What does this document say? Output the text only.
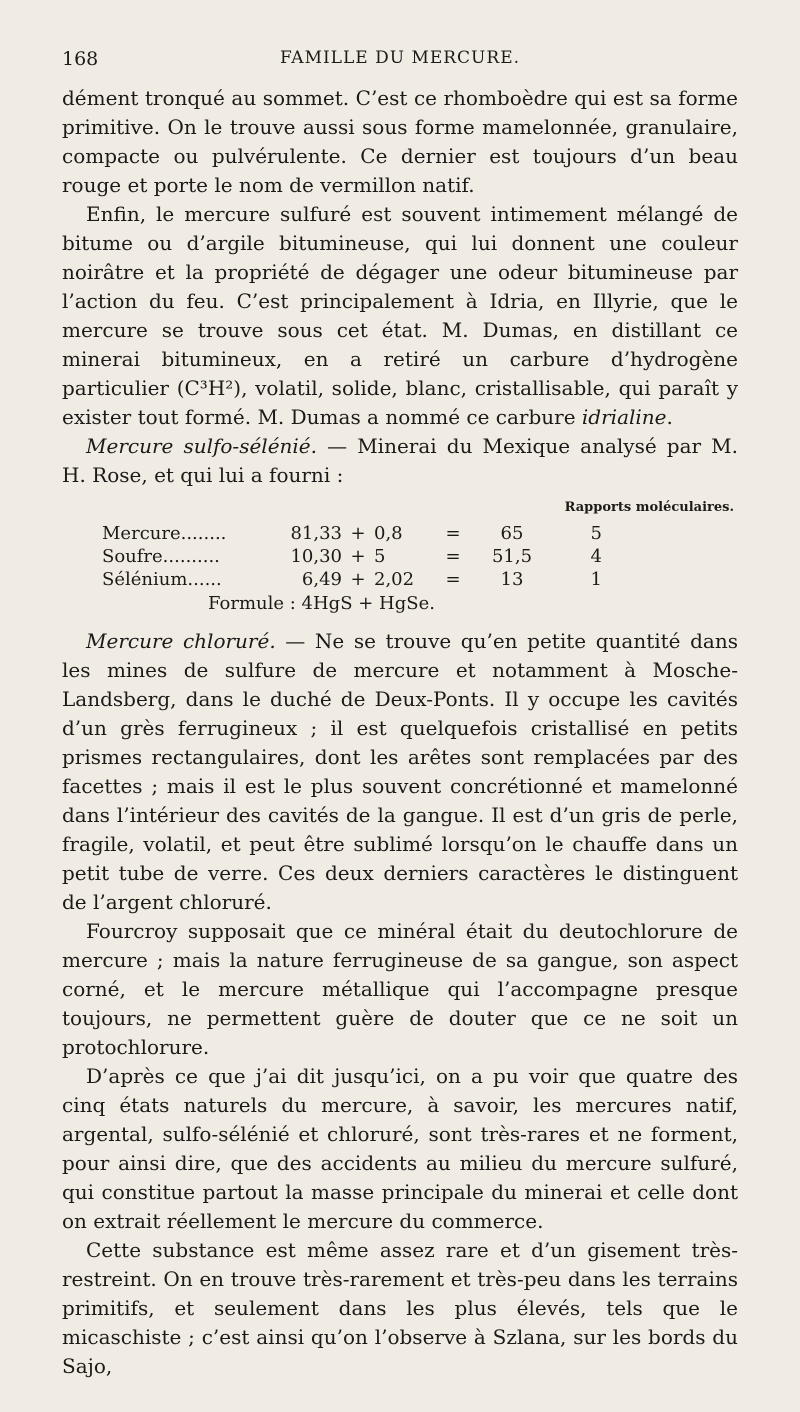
168	FAMILLE DU MERCURE.

dément tronqué au sommet. C’est ce rhomboèdre qui est sa forme primitive. On le trouve aussi sous forme mamelonnée, granulaire, compacte ou pulvérulente. Ce dernier est toujours d’un beau rouge et porte le nom de vermillon natif.

Enfin, le mercure sulfuré est souvent intimement mélangé de bitume ou d’argile bitumineuse, qui lui donnent une couleur noirâtre et la propriété de dégager une odeur bitumineuse par l’action du feu. C’est principalement à Idria, en Illyrie, que le mercure se trouve sous cet état. M. Dumas, en distillant ce minerai bitumineux, en a retiré un carbure d’hydrogène particulier (C³H²), volatil, solide, blanc, cristallisable, qui paraît y exister tout formé. M. Dumas a nommé ce carbure idrialine.

Mercure sulfo-sélénié. — Minerai du Mexique analysé par M. H. Rose, et qui lui a fourni :

Rapports moléculaires.
Mercure........	81,33 + 0,8	=	65	5
Soufre..........	10,30 + 5	=	51,5	4
Sélénium......	6,49 + 2,02	=	13	1
Formule : 4HgS + HgSe.

Mercure chloruré. — Ne se trouve qu’en petite quantité dans les mines de sulfure de mercure et notamment à Mosche-Landsberg, dans le duché de Deux-Ponts. Il y occupe les cavités d’un grès ferrugineux ; il est quelquefois cristallisé en petits prismes rectangulaires, dont les arêtes sont remplacées par des facettes ; mais il est le plus souvent concrétionné et mamelonné dans l’intérieur des cavités de la gangue. Il est d’un gris de perle, fragile, volatil, et peut être sublimé lorsqu’on le chauffe dans un petit tube de verre. Ces deux derniers caractères le distinguent de l’argent chloruré.

Fourcroy supposait que ce minéral était du deutochlorure de mercure ; mais la nature ferrugineuse de sa gangue, son aspect corné, et le mercure métallique qui l’accompagne presque toujours, ne permettent guère de douter que ce ne soit un protochlorure.

D’après ce que j’ai dit jusqu’ici, on a pu voir que quatre des cinq états naturels du mercure, à savoir, les mercures natif, argental, sulfo-sélénié et chloruré, sont très-rares et ne forment, pour ainsi dire, que des accidents au milieu du mercure sulfuré, qui constitue partout la masse principale du minerai et celle dont on extrait réellement le mercure du commerce.

Cette substance est même assez rare et d’un gisement très-restreint. On en trouve très-rarement et très-peu dans les terrains primitifs, et seulement dans les plus élevés, tels que le micaschiste ; c’est ainsi qu’on l’observe à Szlana, sur les bords du Sajo,
